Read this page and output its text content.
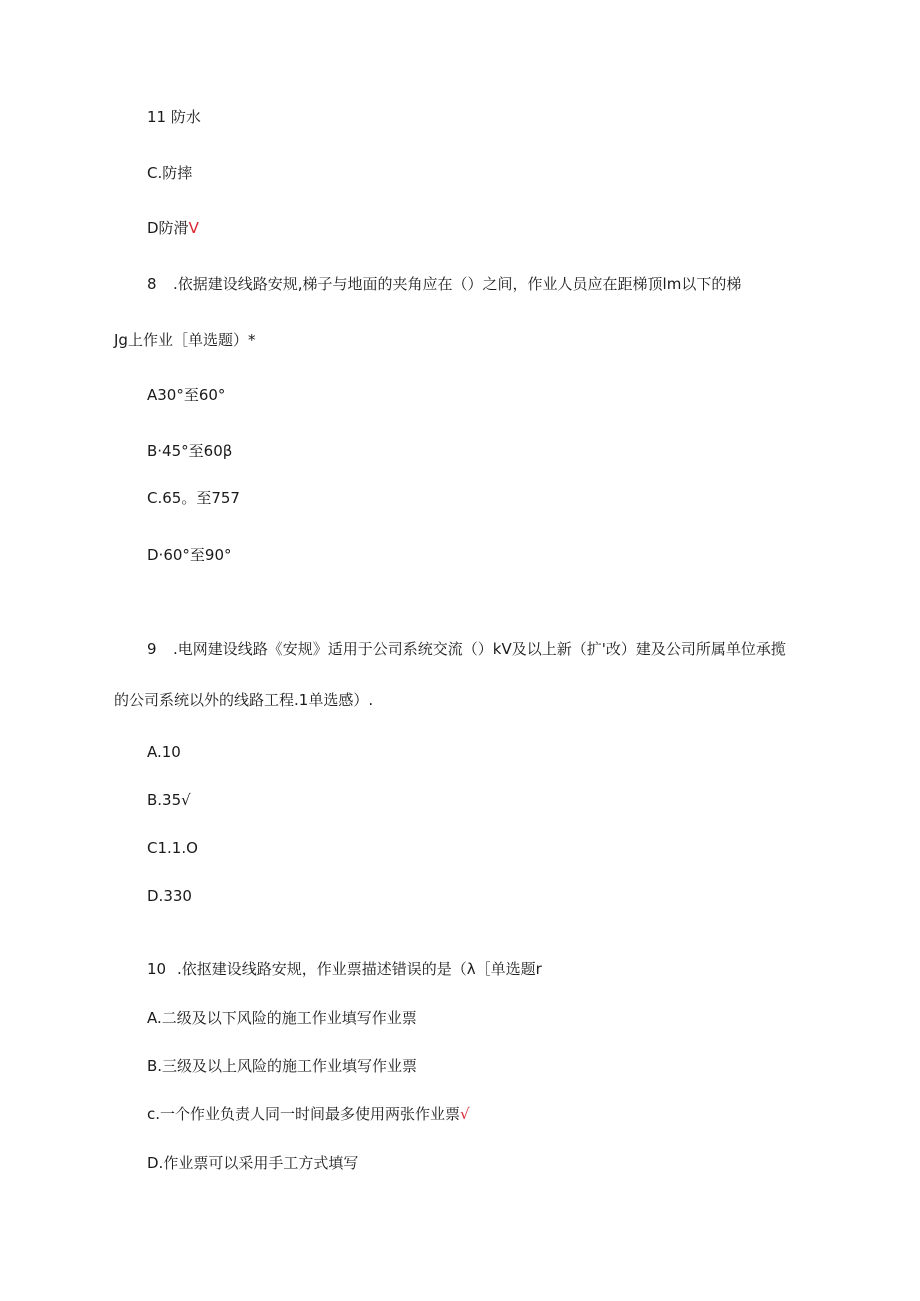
11 防水
C.防摔
D防滑V
8 .依据建设线路安规,梯子与地面的夹角应在（）之间，作业人员应在距梯顶lm以下的梯
Jg上作业［单选题）*
A30°至60°
B·45°至60β
C.65。至757
D·60°至90°
9 .电网建设线路《安规》适用于公司系统交流（）kV及以上新（扩'改）建及公司所属单位承揽
的公司系统以外的线路工程.1单选感）.
A.10
B.35√
C1.1.O
D.330
10 .依抠建设线路安规，作业票描述错误的是（λ［单选题r
A.二级及以下风险的施工作业填写作业票
B.三级及以上风险的施工作业填写作业票
c.一个作业负责人同一时间最多使用两张作业票√
D.作业票可以采用手工方式填写
